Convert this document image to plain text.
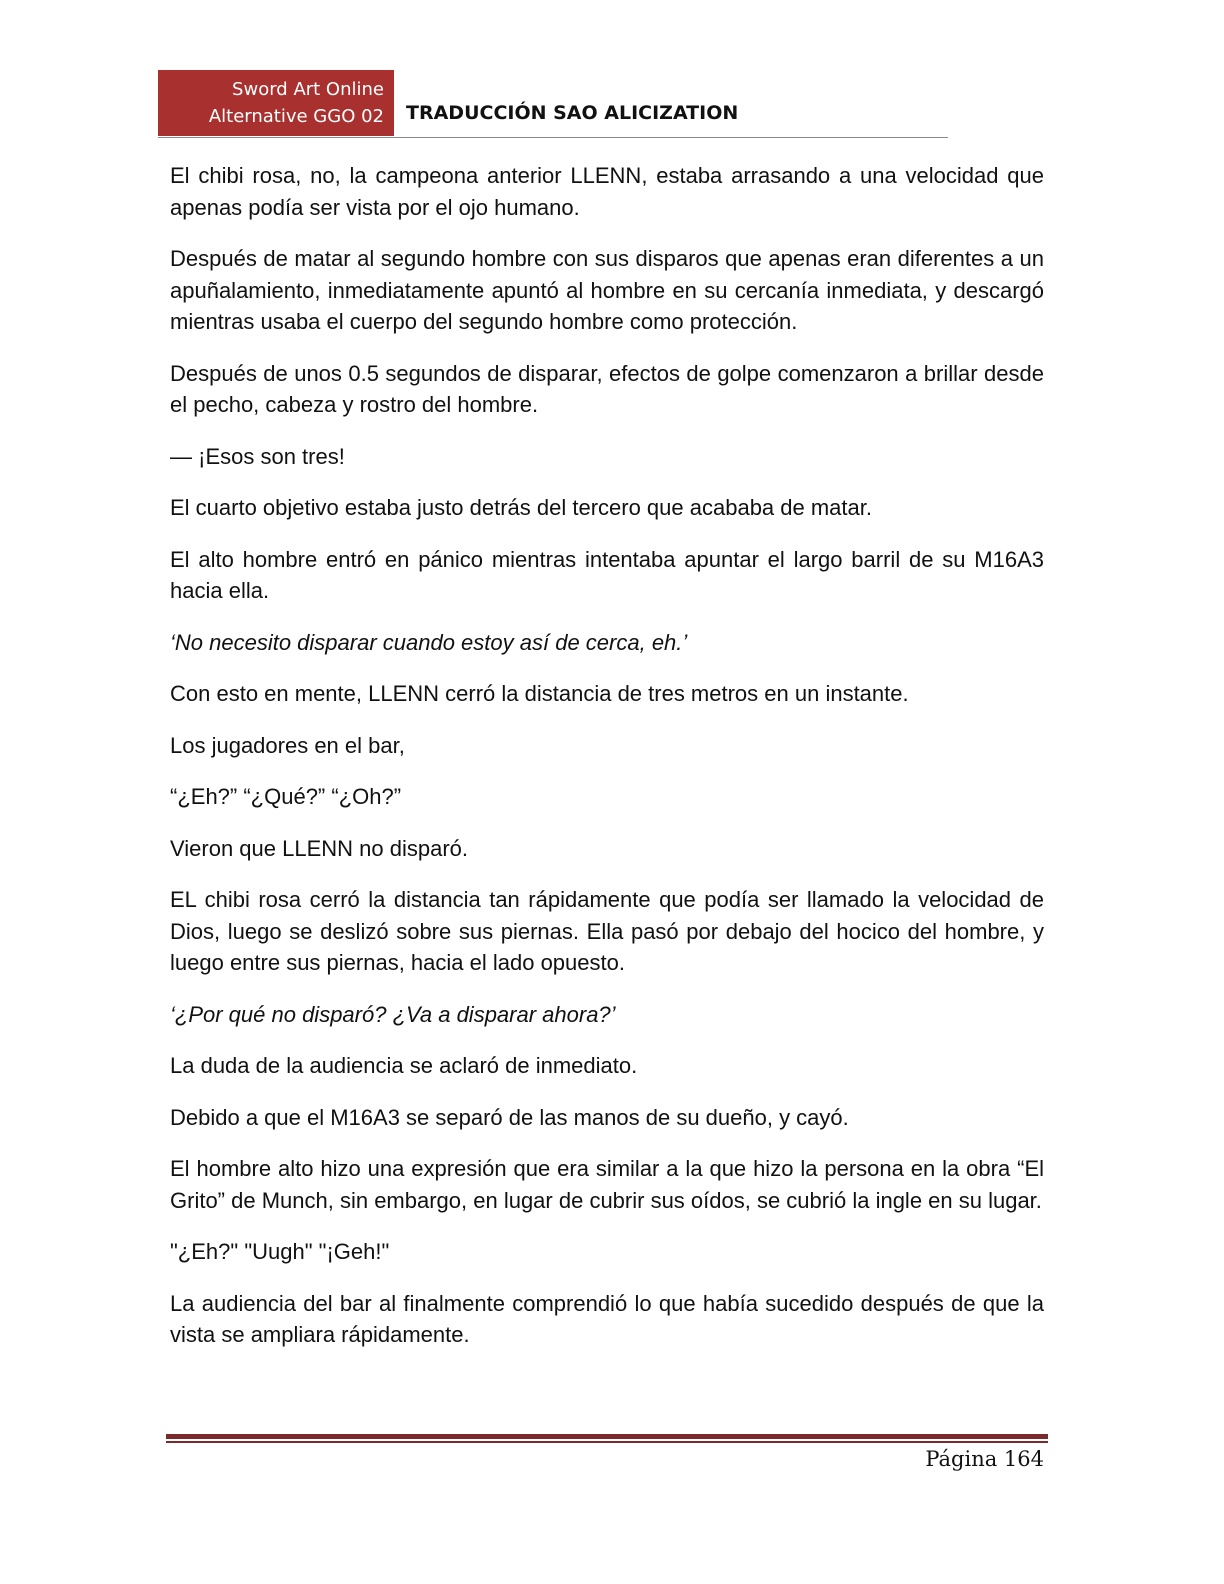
Sword Art Online
Alternative GGO 02 TRADUCCIÓN SAO ALICIZATION

El chibi rosa, no, la campeona anterior LLENN, estaba arrasando a una velocidad que apenas podía ser vista por el ojo humano.

Después de matar al segundo hombre con sus disparos que apenas eran diferentes a un apuñalamiento, inmediatamente apuntó al hombre en su cercanía inmediata, y descargó mientras usaba el cuerpo del segundo hombre como protección.

Después de unos 0.5 segundos de disparar, efectos de golpe comenzaron a brillar desde el pecho, cabeza y rostro del hombre.

— ¡Esos son tres!

El cuarto objetivo estaba justo detrás del tercero que acababa de matar.

El alto hombre entró en pánico mientras intentaba apuntar el largo barril de su M16A3 hacia ella.

‘No necesito disparar cuando estoy así de cerca, eh.’

Con esto en mente, LLENN cerró la distancia de tres metros en un instante.

Los jugadores en el bar,

“¿Eh?” “¿Qué?” “¿Oh?”

Vieron que LLENN no disparó.

EL chibi rosa cerró la distancia tan rápidamente que podía ser llamado la velocidad de Dios, luego se deslizó sobre sus piernas. Ella pasó por debajo del hocico del hombre, y luego entre sus piernas, hacia el lado opuesto.

‘¿Por qué no disparó? ¿Va a disparar ahora?’

La duda de la audiencia se aclaró de inmediato.

Debido a que el M16A3 se separó de las manos de su dueño, y cayó.

El hombre alto hizo una expresión que era similar a la que hizo la persona en la obra “El Grito” de Munch, sin embargo, en lugar de cubrir sus oídos, se cubrió la ingle en su lugar.

"¿Eh?" "Uugh" "¡Geh!"

La audiencia del bar al finalmente comprendió lo que había sucedido después de que la vista se ampliara rápidamente.

Página 164
